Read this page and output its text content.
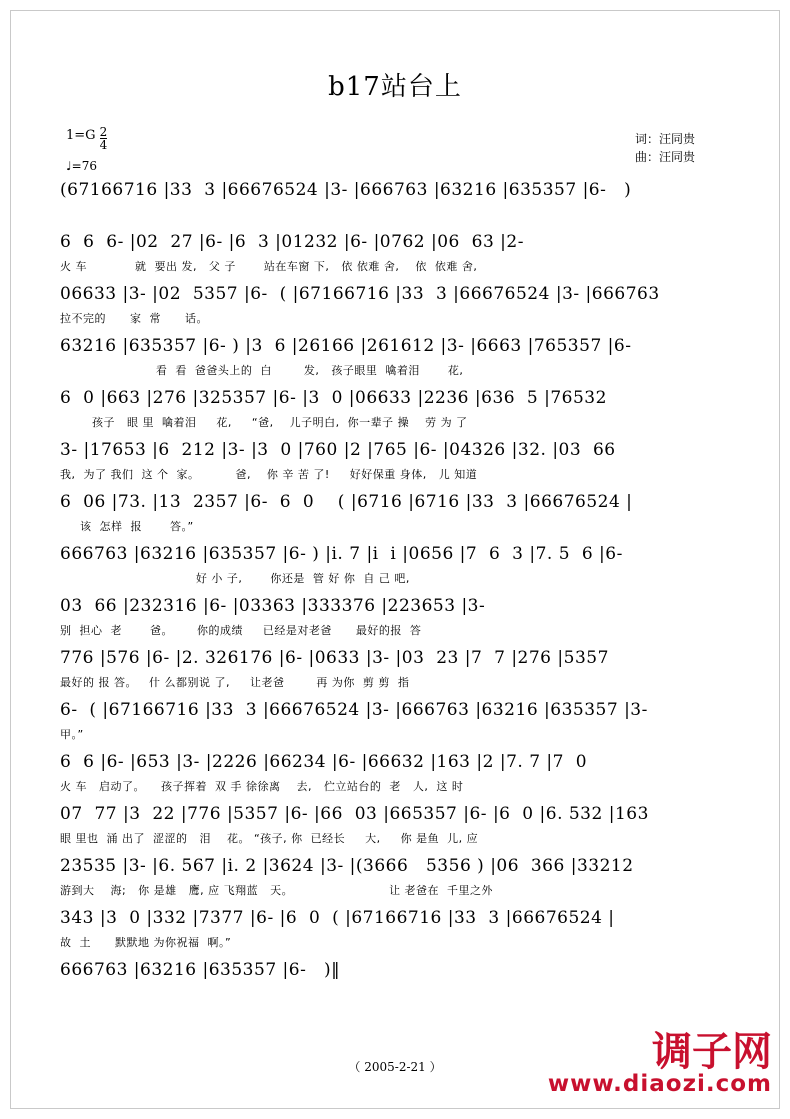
b17站台上
$1=G \frac{2}{4}$
♩=76
词：汪同贵
曲：汪同贵
(67166716 |33  3 |66676524 |3- |666763 |63216 |635357 |6-   )
6  6  6- |02  27 |6- |6  3 |01232 |6- |0762 |06  63 |2-
火 车            就  要出 发,   父 子       站在车窗 下,   依 依难 舍,    依  依难 舍,
06633 |3- |02  5357 |6-  ( |67166716 |33  3 |66676524 |3- |666763
拉不完的      家  常      话。
63216 |635357 |6- ) |3  6 |26166 |261612 |3- |6663 |765357 |6-
看  看  爸爸头上的  白        发,   孩子眼里  噙着泪       花,
6  0 |663 |276 |325357 |6- |3  0 |06633 |2236 |636  5 |76532
孩子   眼 里  噙着泪     花,     “爸,    儿子明白,  你一辈子 操    劳 为 了
3- |17653 |6  212 |3- |3  0 |760 |2 |765 |6- |04326 |32. |03  66
我,  为了 我们  这 个  家。         爸,    你 辛 苦 了!     好好保重 身体,   儿 知道
6  06 |73. |13  2357 |6-  6  0    ( |6716 |6716 |33  3 |66676524 |
该  怎样  报       答。”
666763 |63216 |635357 |6- ) |i. 7 |i  i |0656 |7  6  3 |7. 5  6 |6-
好 小 子,       你还是  管 好 你  自 己 吧,
03  66 |232316 |6- |03363 |333376 |223653 |3-
别  担心  老       爸。      你的成绩     已经是对老爸      最好的报  答
776 |576 |6- |2. 326176 |6- |0633 |3- |03  23 |7  7 |276 |5357
最好的 报 答。   什 么都别说 了,     让老爸        再 为你  剪 剪  指
6-  ( |67166716 |33  3 |66676524 |3- |666763 |63216 |635357 |3-
甲。”
6  6 |6- |653 |3- |2226 |66234 |6- |66632 |163 |2 |7. 7 |7  0
火 车   启动了。    孩子挥着  双 手 徐徐离    去,   伫立站台的  老   人,  这 时
07  77 |3  22 |776 |5357 |6- |66  03 |665357 |6- |6  0 |6. 532 |163
眼 里也  涌 出了  涩涩的   泪    花。 “孩子, 你  已经长     大,     你 是鱼  儿, 应
23535 |3- |6. 567 |i. 2 |3624 |3- |(3666   5356 ) |06  366 |33212
游到大    海;   你 是雄   鹰, 应 飞翔蓝   天。                        让 老爸在  千里之外
343 |3  0 |332 |7377 |6- |6  0  ( |67166716 |33  3 |66676524 |
故  土      默默地 为你祝福  啊。”
666763 |63216 |635357 |6-   )‖
（ 2005-2-21 ）	调子网
www.diaozi.com
